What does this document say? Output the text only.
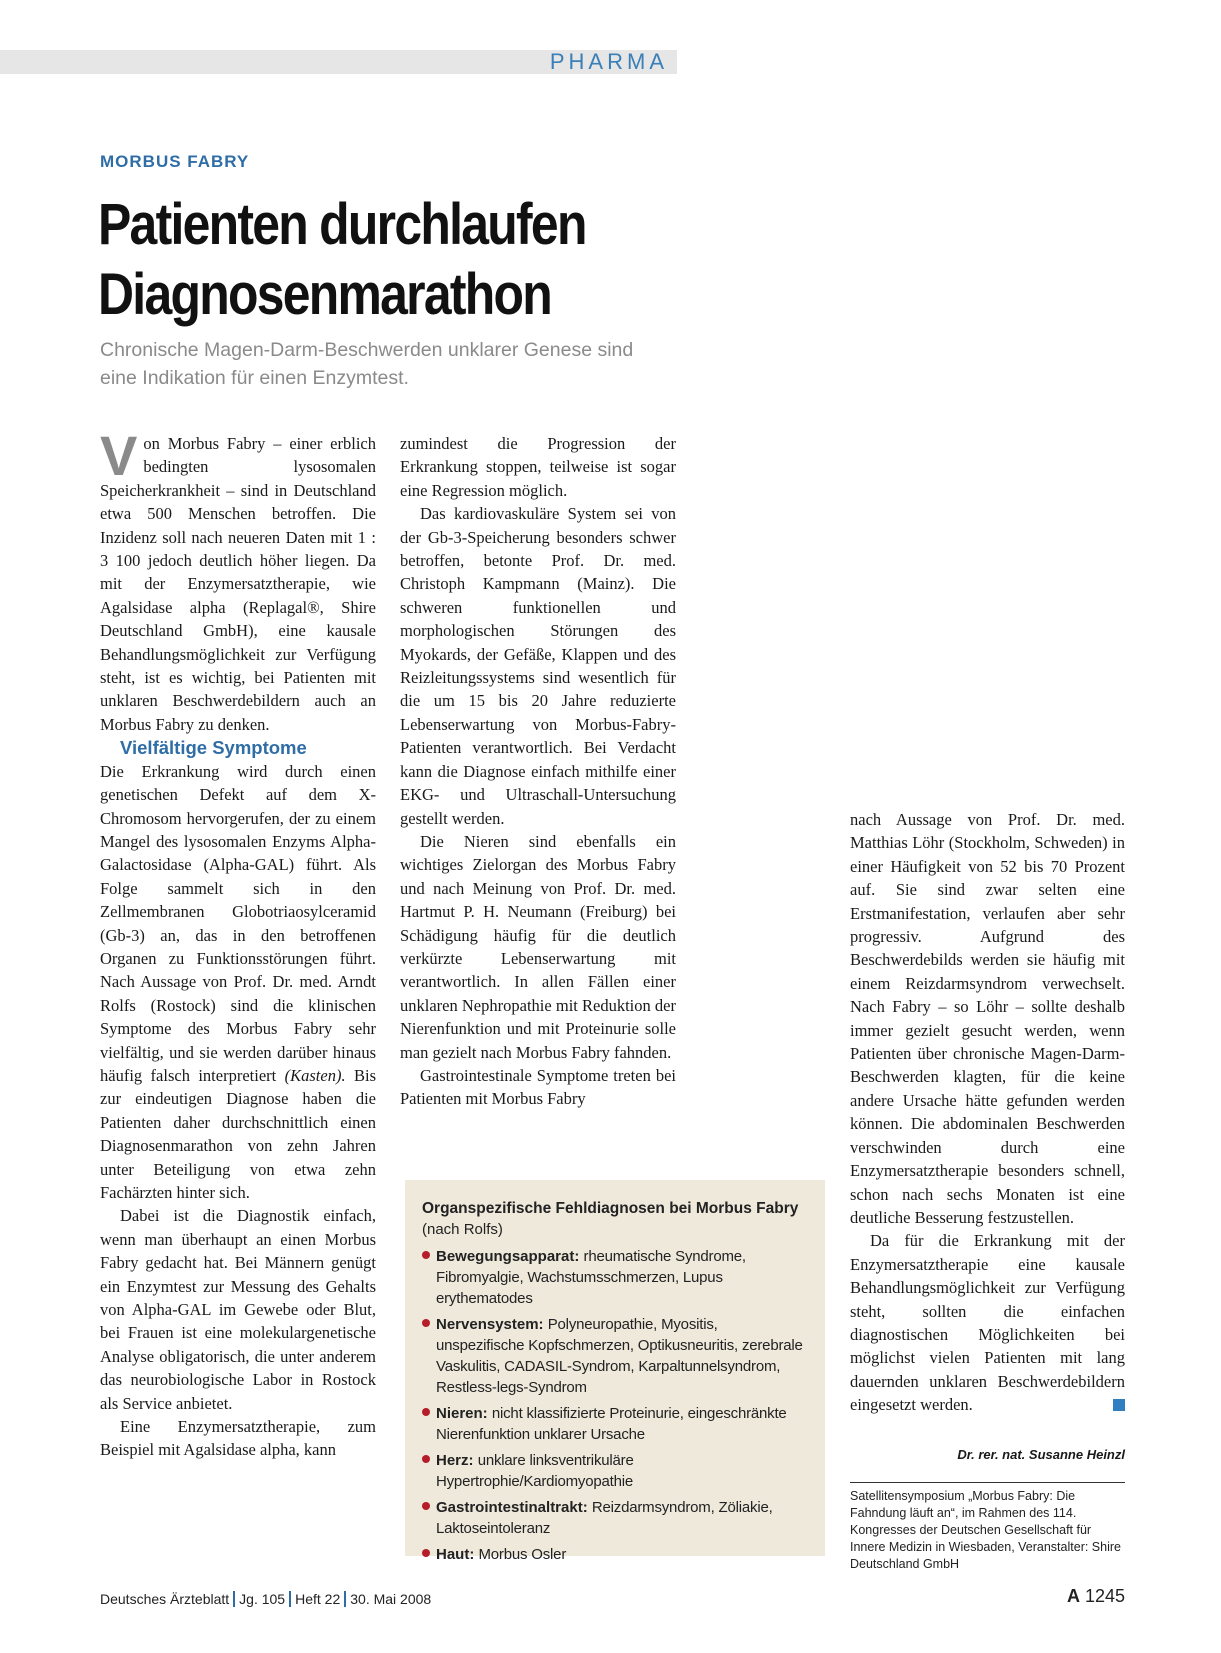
PHARMA
MORBUS FABRY
Patienten durchlaufen
Diagnosenmarathon
Chronische Magen-Darm-Beschwerden unklarer Genese sind eine Indikation für einen Enzymtest.

Von Morbus Fabry – einer erblich bedingten lysosomalen Speicherkrankheit – sind in Deutschland etwa 500 Menschen betroffen. Die Inzidenz soll nach neueren Daten mit 1 : 3 100 jedoch deutlich höher liegen. Da mit der Enzymersatztherapie, wie Agalsidase alpha (Replagal®, Shire Deutschland GmbH), eine kausale Behandlungsmöglichkeit zur Verfügung steht, ist es wichtig, bei Patienten mit unklaren Beschwerdebildern auch an Morbus Fabry zu denken.

Vielfältige Symptome

Die Erkrankung wird durch einen genetischen Defekt auf dem X-Chromosom hervorgerufen, der zu einem Mangel des lysosomalen Enzyms Alpha-Galactosidase (Alpha-GAL) führt. Als Folge sammelt sich in den Zellmembranen Globotriaosylceramid (Gb-3) an, das in den betroffenen Organen zu Funktionsstörungen führt. Nach Aussage von Prof. Dr. med. Arndt Rolfs (Rostock) sind die klinischen Symptome des Morbus Fabry sehr vielfältig, und sie werden darüber hinaus häufig falsch interpretiert (Kasten). Bis zur eindeutigen Diagnose haben die Patienten daher durchschnittlich einen Diagnosenmarathon von zehn Jahren unter Beteiligung von etwa zehn Fachärzten hinter sich.

Dabei ist die Diagnostik einfach, wenn man überhaupt an einen Morbus Fabry gedacht hat. Bei Männern genügt ein Enzymtest zur Messung des Gehalts von Alpha-GAL im Gewebe oder Blut, bei Frauen ist eine molekulargenetische Analyse obligatorisch, die unter anderem das neurobiologische Labor in Rostock als Service anbietet.

Eine Enzymersatztherapie, zum Beispiel mit Agalsidase alpha, kann

zumindest die Progression der Erkrankung stoppen, teilweise ist sogar eine Regression möglich.

Das kardiovaskuläre System sei von der Gb-3-Speicherung besonders schwer betroffen, betonte Prof. Dr. med. Christoph Kampmann (Mainz). Die schweren funktionellen und morphologischen Störungen des Myokards, der Gefäße, Klappen und des Reizleitungssystems sind wesentlich für die um 15 bis 20 Jahre reduzierte Lebenserwartung von Morbus-Fabry-Patienten verantwortlich. Bei Verdacht kann die Diagnose einfach mithilfe einer EKG- und Ultraschall-Untersuchung gestellt werden.

Die Nieren sind ebenfalls ein wichtiges Zielorgan des Morbus Fabry und nach Meinung von Prof. Dr. med. Hartmut P. H. Neumann (Freiburg) bei Schädigung häufig für die deutlich verkürzte Lebenserwartung mit verantwortlich. In allen Fällen einer unklaren Nephropathie mit Reduktion der Nierenfunktion und mit Proteinurie solle man gezielt nach Morbus Fabry fahnden.

Gastrointestinale Symptome treten bei Patienten mit Morbus Fabry

nach Aussage von Prof. Dr. med. Matthias Löhr (Stockholm, Schweden) in einer Häufigkeit von 52 bis 70 Prozent auf. Sie sind zwar selten eine Erstmanifestation, verlaufen aber sehr progressiv. Aufgrund des Beschwerdebilds werden sie häufig mit einem Reizdarmsyndrom verwechselt. Nach Fabry – so Löhr – sollte deshalb immer gezielt gesucht werden, wenn Patienten über chronische Magen-Darm-Beschwerden klagten, für die keine andere Ursache hätte gefunden werden können. Die abdominalen Beschwerden verschwinden durch eine Enzymersatztherapie besonders schnell, schon nach sechs Monaten ist eine deutliche Besserung festzustellen.

Da für die Erkrankung mit der Enzymersatztherapie eine kausale Behandlungsmöglichkeit zur Verfügung steht, sollten die einfachen diagnostischen Möglichkeiten bei möglichst vielen Patienten mit lang dauernden unklaren Beschwerdebildern eingesetzt werden.

Dr. rer. nat. Susanne Heinzl
Organspezifische Fehldiagnosen bei Morbus Fabry
(nach Rolfs)
Bewegungsapparat: rheumatische Syndrome, Fibromyalgie, Wachstumsschmerzen, Lupus erythematodes
Nervensystem: Polyneuropathie, Myositis, unspezifische Kopfschmerzen, Optikusneuritis, zerebrale Vaskulitis, CADASIL-Syndrom, Karpaltunnelsyndrom, Restless-legs-Syndrom
Nieren: nicht klassifizierte Proteinurie, eingeschränkte Nierenfunktion unklarer Ursache
Herz: unklare linksventrikuläre Hypertrophie/Kardiomyopathie
Gastrointestinaltrakt: Reizdarmsyndrom, Zöliakie, Laktoseintoleranz
Haut: Morbus Osler
Satellitensymposium „Morbus Fabry: Die Fahndung läuft an“, im Rahmen des 114. Kongresses der Deutschen Gesellschaft für Innere Medizin in Wiesbaden, Veranstalter: Shire Deutschland GmbH
Deutsches Ärzteblatt Jg. 105 Heft 22 30. Mai 2008	A 1245
